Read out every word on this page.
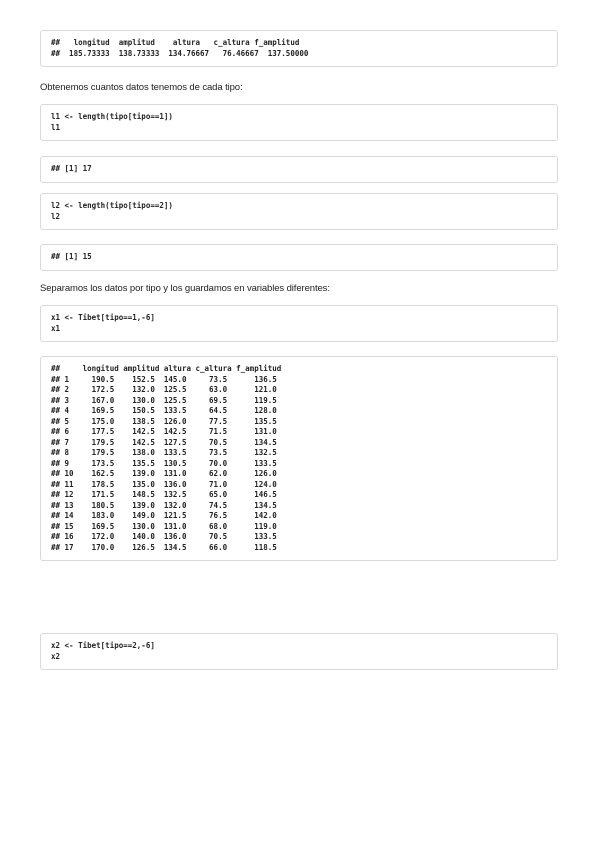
##   longitud  amplitud    altura   c_altura f_amplitud
##  185.73333  138.73333  134.76667   76.46667  137.50000
Obtenemos cuantos datos tenemos de cada tipo:
l1 <- length(tipo[tipo==1])
l1
## [1] 17
l2 <- length(tipo[tipo==2])
l2
## [1] 15
Separamos los datos por tipo y los guardamos en variables diferentes:
x1 <- Tibet[tipo==1,-6]
x1
##     longitud amplitud altura c_altura f_amplitud
## 1     190.5    152.5  145.0     73.5      136.5
## 2     172.5    132.0  125.5     63.0      121.0
## 3     167.0    130.0  125.5     69.5      119.5
## 4     169.5    150.5  133.5     64.5      128.0
## 5     175.0    138.5  126.0     77.5      135.5
## 6     177.5    142.5  142.5     71.5      131.0
## 7     179.5    142.5  127.5     70.5      134.5
## 8     179.5    138.0  133.5     73.5      132.5
## 9     173.5    135.5  130.5     70.0      133.5
## 10    162.5    139.0  131.0     62.0      126.0
## 11    178.5    135.0  136.0     71.0      124.0
## 12    171.5    148.5  132.5     65.0      146.5
## 13    180.5    139.0  132.0     74.5      134.5
## 14    183.0    149.0  121.5     76.5      142.0
## 15    169.5    130.0  131.0     68.0      119.0
## 16    172.0    140.0  136.0     70.5      133.5
## 17    170.0    126.5  134.5     66.0      118.5
x2 <- Tibet[tipo==2,-6]
x2
